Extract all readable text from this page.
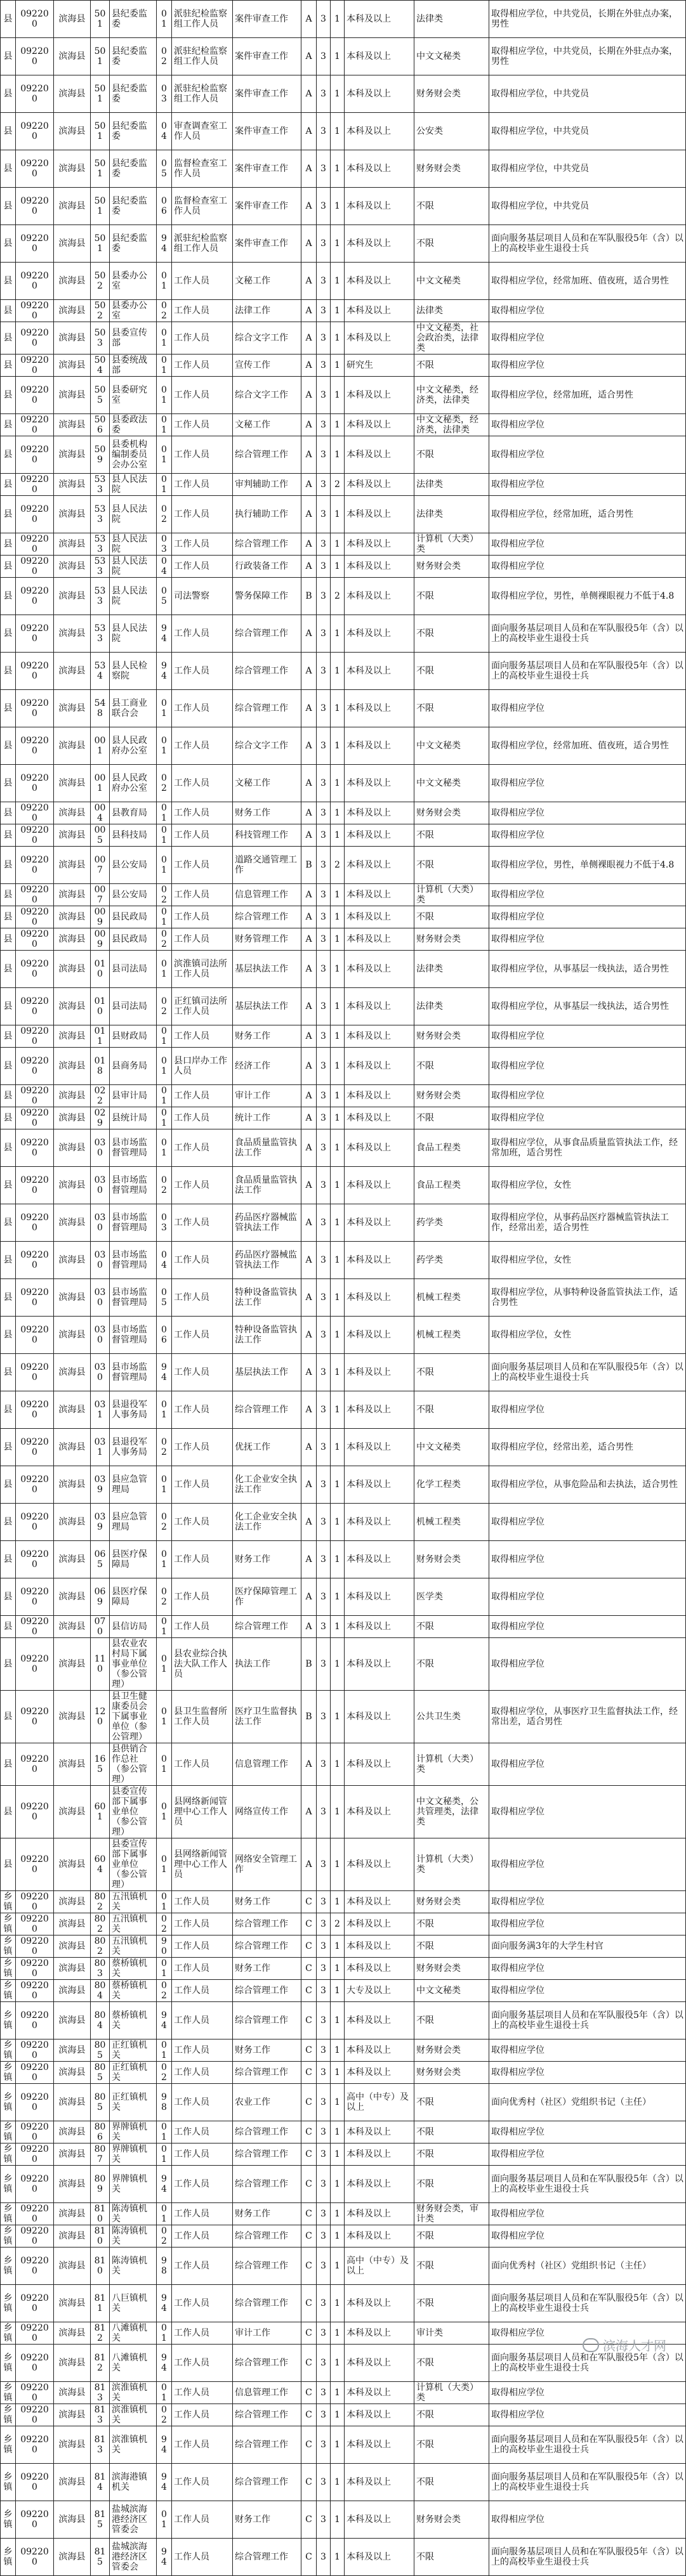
县	092200	滨海县	501	县纪委监委	01	派驻纪检监察组工作人员	案件审查工作	A	3	1	本科及以上	法律类	取得相应学位，中共党员，长期在外驻点办案，男性
县	092200	滨海县	501	县纪委监委	02	派驻纪检监察组工作人员	案件审查工作	A	3	1	本科及以上	中文文秘类	取得相应学位，中共党员，长期在外驻点办案，男性
县	092200	滨海县	501	县纪委监委	03	派驻纪检监察组工作人员	案件审查工作	A	3	1	本科及以上	财务财会类	取得相应学位，中共党员
县	092200	滨海县	501	县纪委监委	04	审查调查室工作人员	案件审查工作	A	3	1	本科及以上	公安类	取得相应学位，中共党员
县	092200	滨海县	501	县纪委监委	05	监督检查室工作人员	案件审查工作	A	3	1	本科及以上	财务财会类	取得相应学位，中共党员
县	092200	滨海县	501	县纪委监委	06	监督检查室工作人员	案件审查工作	A	3	1	本科及以上	不限	取得相应学位，中共党员
县	092200	滨海县	501	县纪委监委	94	派驻纪检监察组工作人员	案件审查工作	A	3	1	本科及以上	不限	面向服务基层项目人员和在军队服役5年（含）以上的高校毕业生退役士兵
县	092200	滨海县	502	县委办公室	01	工作人员	文秘工作	A	3	1	本科及以上	中文文秘类	取得相应学位，经常加班、值夜班，适合男性
县	092200	滨海县	502	县委办公室	02	工作人员	法律工作	A	3	1	本科及以上	法律类	取得相应学位
县	092200	滨海县	503	县委宣传部	01	工作人员	综合文字工作	A	3	1	本科及以上	中文文秘类，社会政治类，法律类	取得相应学位
县	092200	滨海县	504	县委统战部	01	工作人员	宣传工作	A	3	1	研究生	不限	取得相应学位
县	092200	滨海县	505	县委研究室	01	工作人员	综合文字工作	A	3	1	本科及以上	中文文秘类，经济类，法律类	取得相应学位，经常加班，适合男性
县	092200	滨海县	506	县委政法委	01	工作人员	文秘工作	A	3	1	本科及以上	中文文秘类，经济类，法律类	取得相应学位
县	092200	滨海县	509	县委机构编制委员会办公室	01	工作人员	综合管理工作	A	3	1	本科及以上	不限	取得相应学位
县	092200	滨海县	533	县人民法院	01	工作人员	审判辅助工作	A	3	2	本科及以上	法律类	取得相应学位
县	092200	滨海县	533	县人民法院	02	工作人员	执行辅助工作	A	3	1	本科及以上	法律类	取得相应学位，经常加班，适合男性
县	092200	滨海县	533	县人民法院	03	工作人员	综合管理工作	A	3	1	本科及以上	计算机（大类）类	取得相应学位
县	092200	滨海县	533	县人民法院	04	工作人员	行政装备工作	A	3	1	本科及以上	财务财会类	取得相应学位
县	092200	滨海县	533	县人民法院	05	司法警察	警务保障工作	B	3	2	本科及以上	不限	取得相应学位，男性，单侧裸眼视力不低于4.8
县	092200	滨海县	533	县人民法院	94	工作人员	综合管理工作	A	3	1	本科及以上	不限	面向服务基层项目人员和在军队服役5年（含）以上的高校毕业生退役士兵
县	092200	滨海县	534	县人民检察院	94	工作人员	综合管理工作	A	3	1	本科及以上	不限	面向服务基层项目人员和在军队服役5年（含）以上的高校毕业生退役士兵
县	092200	滨海县	548	县工商业联合会	01	工作人员	综合管理工作	A	3	1	本科及以上	不限	取得相应学位
县	092200	滨海县	001	县人民政府办公室	01	工作人员	综合文字工作	A	3	1	本科及以上	中文文秘类	取得相应学位，经常加班、值夜班，适合男性
县	092200	滨海县	001	县人民政府办公室	02	工作人员	文秘工作	A	3	1	本科及以上	中文文秘类	取得相应学位
县	092200	滨海县	004	县教育局	01	工作人员	财务工作	A	3	1	本科及以上	财务财会类	取得相应学位
县	092200	滨海县	005	县科技局	01	工作人员	科技管理工作	A	3	1	本科及以上	不限	取得相应学位
县	092200	滨海县	007	县公安局	01	工作人员	道路交通管理工作	B	3	2	本科及以上	不限	取得相应学位，男性，单侧裸眼视力不低于4.8
县	092200	滨海县	007	县公安局	02	工作人员	信息管理工作	A	3	1	本科及以上	计算机（大类）类	取得相应学位
县	092200	滨海县	009	县民政局	01	工作人员	综合管理工作	A	3	1	本科及以上	不限	取得相应学位
县	092200	滨海县	009	县民政局	02	工作人员	财务管理工作	A	3	1	本科及以上	财务财会类	取得相应学位
县	092200	滨海县	010	县司法局	01	滨淮镇司法所工作人员	基层执法工作	A	3	1	本科及以上	法律类	取得相应学位，从事基层一线执法，适合男性
县	092200	滨海县	010	县司法局	02	正红镇司法所工作人员	基层执法工作	A	3	1	本科及以上	法律类	取得相应学位，从事基层一线执法，适合男性
县	092200	滨海县	011	县财政局	01	工作人员	财务工作	A	3	1	本科及以上	财务财会类	取得相应学位
县	092200	滨海县	018	县商务局	01	县口岸办工作人员	经济工作	A	3	1	本科及以上	不限	取得相应学位
县	092200	滨海县	022	县审计局	01	工作人员	审计工作	A	3	1	本科及以上	财务财会类	取得相应学位
县	092200	滨海县	029	县统计局	01	工作人员	统计工作	A	3	1	本科及以上	不限	取得相应学位
县	092200	滨海县	030	县市场监督管理局	01	工作人员	食品质量监管执法工作	A	3	1	本科及以上	食品工程类	取得相应学位，从事食品质量监管执法工作，经常加班，适合男性
县	092200	滨海县	030	县市场监督管理局	02	工作人员	食品质量监管执法工作	A	3	1	本科及以上	食品工程类	取得相应学位，女性
县	092200	滨海县	030	县市场监督管理局	03	工作人员	药品医疗器械监管执法工作	A	3	1	本科及以上	药学类	取得相应学位，从事药品医疗器械监管执法工作，经常出差，适合男性
县	092200	滨海县	030	县市场监督管理局	04	工作人员	药品医疗器械监管执法工作	A	3	1	本科及以上	药学类	取得相应学位，女性
县	092200	滨海县	030	县市场监督管理局	05	工作人员	特种设备监管执法工作	A	3	1	本科及以上	机械工程类	取得相应学位，从事特种设备监管执法工作，适合男性
县	092200	滨海县	030	县市场监督管理局	06	工作人员	特种设备监管执法工作	A	3	1	本科及以上	机械工程类	取得相应学位，女性
县	092200	滨海县	030	县市场监督管理局	94	工作人员	基层执法工作	A	3	1	本科及以上	不限	面向服务基层项目人员和在军队服役5年（含）以上的高校毕业生退役士兵
县	092200	滨海县	031	县退役军人事务局	01	工作人员	综合管理工作	A	3	1	本科及以上	不限	取得相应学位
县	092200	滨海县	031	县退役军人事务局	02	工作人员	优抚工作	A	3	1	本科及以上	中文文秘类	取得相应学位，经常出差，适合男性
县	092200	滨海县	039	县应急管理局	01	工作人员	化工企业安全执法工作	A	3	1	本科及以上	化学工程类	取得相应学位，从事危险品和去执法，适合男性
县	092200	滨海县	039	县应急管理局	02	工作人员	化工企业安全执法工作	A	3	1	本科及以上	机械工程类	取得相应学位
县	092200	滨海县	065	县医疗保障局	01	工作人员	财务工作	A	3	1	本科及以上	财务财会类	取得相应学位
县	092200	滨海县	069	县医疗保障局	02	工作人员	医疗保障管理工作	A	3	1	本科及以上	医学类	取得相应学位
县	092200	滨海县	070	县信访局	01	工作人员	综合管理工作	A	3	1	本科及以上	不限	取得相应学位
县	092200	滨海县	110	县农业农村局下属事业单位（参公管理）	01	县农业综合执法大队工作人员	执法工作	B	3	1	本科及以上	不限	取得相应学位
县	092200	滨海县	120	县卫生健康委员会下属事业单位（参公管理）	01	县卫生监督所工作人员	医疗卫生监督执法工作	B	3	1	本科及以上	公共卫生类	取得相应学位，从事医疗卫生监督执法工作，经常出差，适合男性
县	092200	滨海县	165	县供销合作总社（参公管理）	01	工作人员	信息管理工作	A	3	1	本科及以上	计算机（大类）类	取得相应学位
县	092200	滨海县	601	县委宣传部下属事业单位（参公管理）	01	县网络新闻管理中心工作人员	网络宣传工作	A	3	1	本科及以上	中文文秘类，公共管理类，法律类	取得相应学位
县	092200	滨海县	604	县委宣传部下属事业单位（参公管理）	01	县网络新闻管理中心工作人员	网络安全管理工作	A	3	1	本科及以上	计算机（大类）类	取得相应学位
乡镇	092200	滨海县	802	五汛镇机关	01	工作人员	财务工作	C	3	1	本科及以上	财务财会类	取得相应学位
乡镇	092200	滨海县	802	五汛镇机关	02	工作人员	综合管理工作	C	3	2	本科及以上	不限	取得相应学位
乡镇	092200	滨海县	802	五汛镇机关	90	工作人员	综合管理工作	C	3	1	本科及以上	不限	面向服务满3年的大学生村官
乡镇	092200	滨海县	803	蔡桥镇机关	01	工作人员	财务工作	C	3	1	本科及以上	财务财会类	取得相应学位
乡镇	092200	滨海县	804	蔡桥镇机关	02	工作人员	综合管理工作	C	3	1	大专及以上	中文文秘类	取得相应学位
乡镇	092200	滨海县	804	蔡桥镇机关	94	工作人员	综合管理工作	C	3	1	本科及以上	不限	面向服务基层项目人员和在军队服役5年（含）以上的高校毕业生退役士兵
乡镇	092200	滨海县	805	正红镇机关	01	工作人员	财务工作	C	3	1	本科及以上	财务财会类	取得相应学位
乡镇	092200	滨海县	805	正红镇机关	02	工作人员	综合管理工作	C	3	1	本科及以上	财务财会类	取得相应学位
乡镇	092200	滨海县	805	正红镇机关	98	工作人员	农业工作	C	3	1	高中（中专）及以上	不限	面向优秀村（社区）党组织书记（主任）
乡镇	092200	滨海县	806	界牌镇机关	01	工作人员	综合管理工作	C	3	1	本科及以上	不限	取得相应学位
乡镇	092200	滨海县	807	界牌镇机关	01	工作人员	综合管理工作	C	3	1	本科及以上	不限	取得相应学位
乡镇	092200	滨海县	809	界牌镇机关	94	工作人员	综合管理工作	C	3	1	本科及以上	不限	面向服务基层项目人员和在军队服役5年（含）以上的高校毕业生退役士兵
乡镇	092200	滨海县	810	陈涛镇机关	01	工作人员	财务工作	C	3	1	本科及以上	财务财会类，审计类	取得相应学位
乡镇	092200	滨海县	810	陈涛镇机关	02	工作人员	综合管理工作	C	3	1	本科及以上	不限	取得相应学位
乡镇	092200	滨海县	810	陈涛镇机关	98	工作人员	综合管理工作	C	3	1	高中（中专）及以上	不限	面向优秀村（社区）党组织书记（主任）
乡镇	092200	滨海县	811	八巨镇机关	94	工作人员	综合管理工作	C	3	1	本科及以上	不限	面向服务基层项目人员和在军队服役5年（含）以上的高校毕业生退役士兵
乡镇	092200	滨海县	812	八滩镇机关	01	工作人员	审计工作	C	3	1	本科及以上	审计类	取得相应学位
乡镇	092200	滨海县	812	八滩镇机关	94	工作人员	综合管理工作	C	3	1	本科及以上	不限	面向服务基层项目人员和在军队服役5年（含）以上的高校毕业生退役士兵
乡镇	092200	滨海县	813	滨淮镇机关	01	工作人员	信息管理工作	C	3	1	本科及以上	计算机（大类）类	取得相应学位
乡镇	092200	滨海县	813	滨淮镇机关	02	工作人员	综合管理工作	C	3	1	本科及以上	不限	取得相应学位
乡镇	092200	滨海县	813	滨淮镇机关	94	工作人员	综合管理工作	C	3	1	本科及以上	不限	面向服务基层项目人员和在军队服役5年（含）以上的高校毕业生退役士兵
乡镇	092200	滨海县	814	滨海港镇机关	94	工作人员	综合管理工作	C	3	1	本科及以上	不限	面向服务基层项目人员和在军队服役5年（含）以上的高校毕业生退役士兵
乡镇	092200	滨海县	815	盐城滨海港经济区管委会	01	工作人员	财务工作	C	3	1	本科及以上	财务财会类	取得相应学位
乡镇	092200	滨海县	815	盐城滨海港经济区管委会	94	工作人员	综合管理工作	C	3	1	本科及以上	不限	面向服务基层项目人员和在军队服役5年（含）以上的高校毕业生退役士兵
滨海人才网
